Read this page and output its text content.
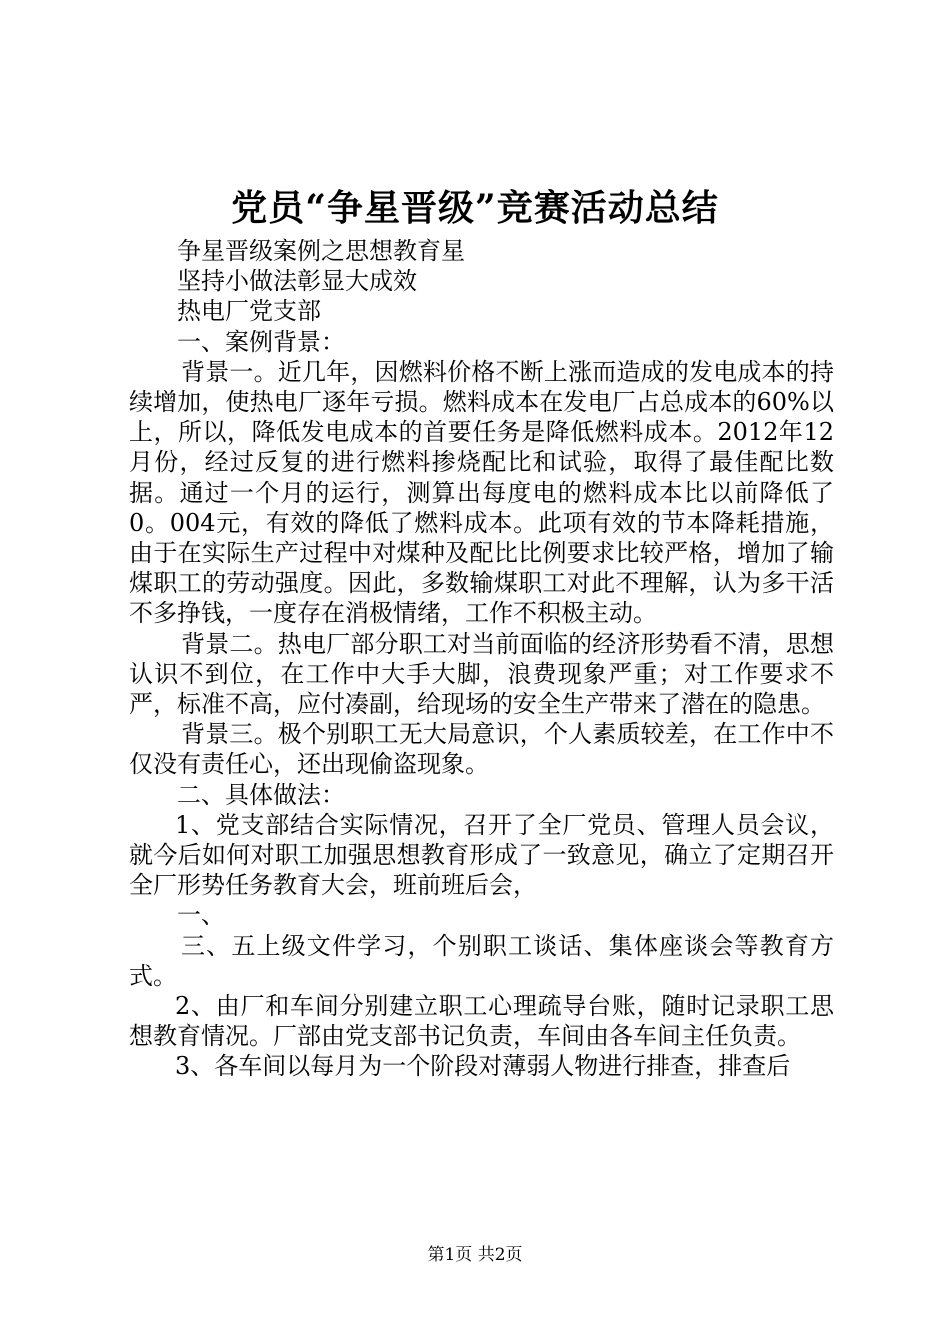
党员“争星晋级”竞赛活动总结

争星晋级案例之思想教育星

坚持小做法彰显大成效

热电厂党支部

一、案例背景：

背景一。近几年，因燃料价格不断上涨而造成的发电成本的持续增加，使热电厂逐年亏损。燃料成本在发电厂占总成本的60%以上，所以，降低发电成本的首要任务是降低燃料成本。2012年12月份，经过反复的进行燃料掺烧配比和试验，取得了最佳配比数据。通过一个月的运行，测算出每度电的燃料成本比以前降低了0。004元，有效的降低了燃料成本。此项有效的节本降耗措施，由于在实际生产过程中对煤种及配比比例要求比较严格，增加了输煤职工的劳动强度。因此，多数输煤职工对此不理解，认为多干活不多挣钱，一度存在消极情绪，工作不积极主动。

背景二。热电厂部分职工对当前面临的经济形势看不清，思想认识不到位，在工作中大手大脚，浪费现象严重；对工作要求不严，标准不高，应付凑副，给现场的安全生产带来了潜在的隐患。

背景三。极个别职工无大局意识，个人素质较差，在工作中不仅没有责任心，还出现偷盗现象。

二、具体做法：

1、党支部结合实际情况，召开了全厂党员、管理人员会议，就今后如何对职工加强思想教育形成了一致意见，确立了定期召开全厂形势任务教育大会，班前班后会，

一、

三、五上级文件学习，个别职工谈话、集体座谈会等教育方式。

2、由厂和车间分别建立职工心理疏导台账，随时记录职工思想教育情况。厂部由党支部书记负责，车间由各车间主任负责。

3、各车间以每月为一个阶段对薄弱人物进行排查，排查后

第1页 共2页
